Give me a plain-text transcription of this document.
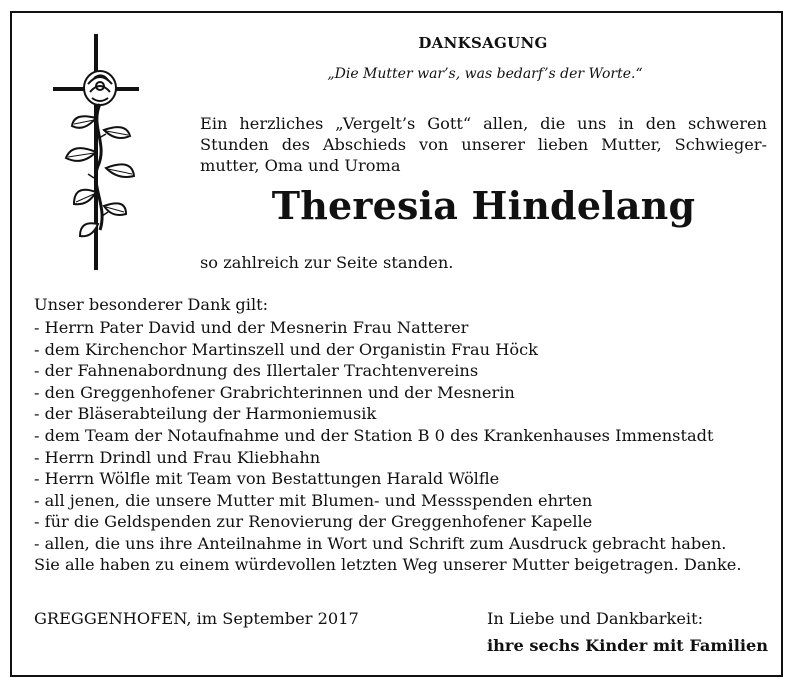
DANKSAGUNG
„Die Mutter war’s, was bedarf’s der Worte.“
Ein herzliches „Vergelt’s Gott“ allen, die uns in den schweren
Stunden des Abschieds von unserer lieben Mutter, Schwieger-
mutter, Oma und Uroma
Theresia Hindelang
so zahlreich zur Seite standen.
Unser besonderer Dank gilt:
- Herrn Pater David und der Mesnerin Frau Natterer
- dem Kirchenchor Martinszell und der Organistin Frau Höck
- der Fahnenabordnung des Illertaler Trachtenvereins
- den Greggenhofener Grabrichterinnen und der Mesnerin
- der Bläserabteilung der Harmoniemusik
- dem Team der Notaufnahme und der Station B 0 des Krankenhauses Immenstadt
- Herrn Drindl und Frau Kliebhahn
- Herrn Wölfle mit Team von Bestattungen Harald Wölfle
- all jenen, die unsere Mutter mit Blumen- und Messspenden ehrten
- für die Geldspenden zur Renovierung der Greggenhofener Kapelle
- allen, die uns ihre Anteilnahme in Wort und Schrift zum Ausdruck gebracht haben.
Sie alle haben zu einem würdevollen letzten Weg unserer Mutter beigetragen. Danke.
GREGGENHOFEN, im September 2017	In Liebe und Dankbarkeit:
ihre sechs Kinder mit Familien
